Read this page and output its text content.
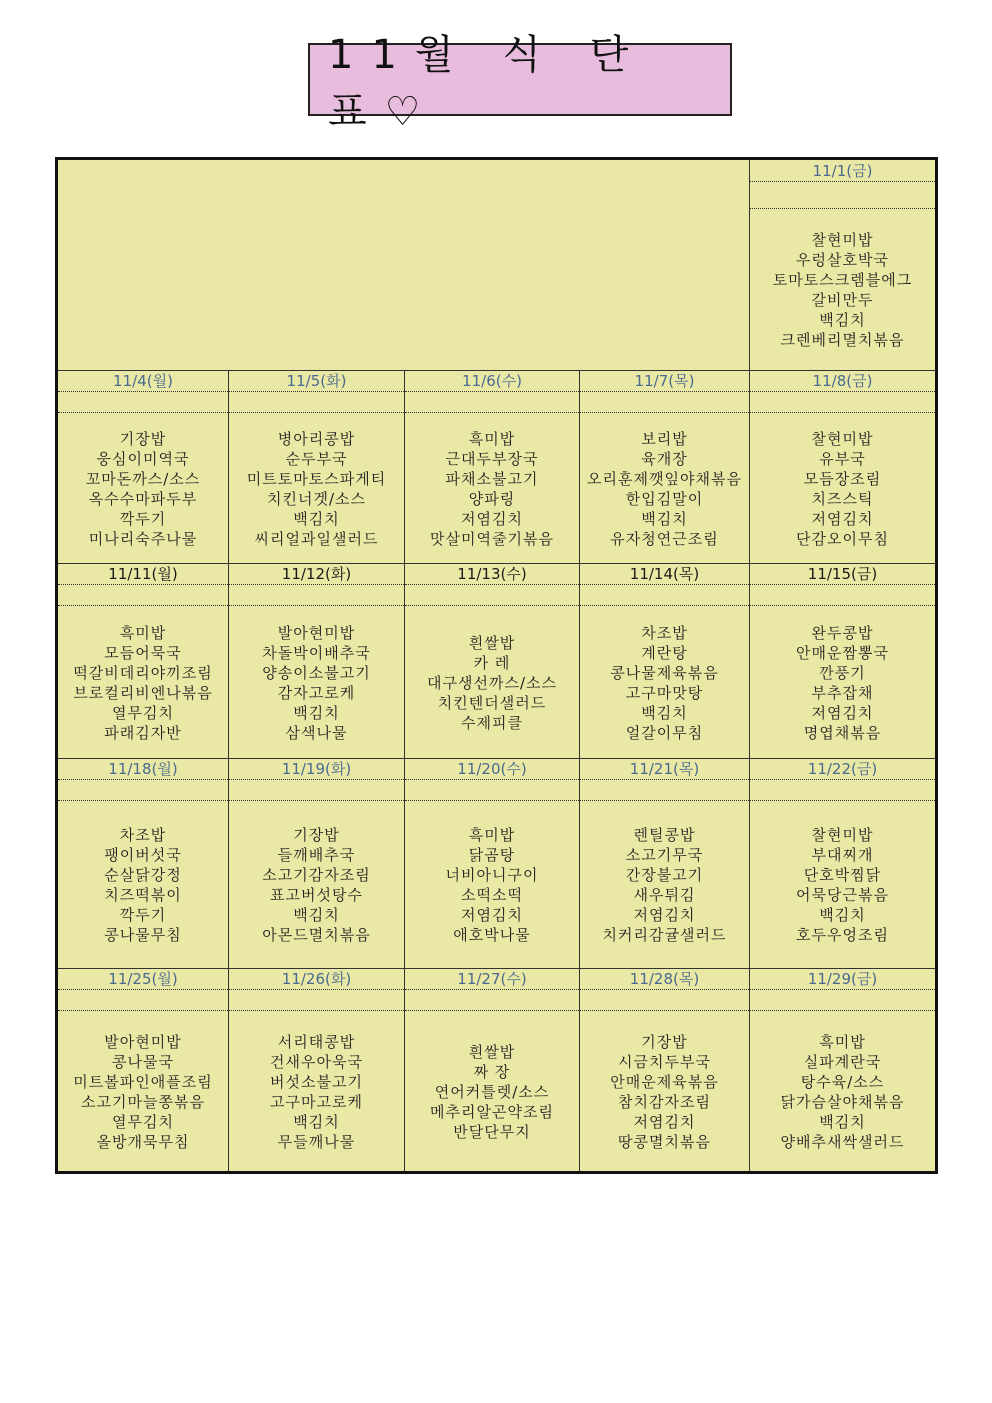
11월 식 단 표♡
11/1(금)
찰현미밥
우렁살호박국
토마토스크렘블에그
갈비만두
백김치
크렌베리멸치볶음
11/4(월)
기장밥
웅심이미역국
꼬마돈까스/소스
옥수수마파두부
깍두기
미나리숙주나물
11/5(화)
병아리콩밥
순두부국
미트토마토스파게티
치킨너겟/소스
백김치
씨리얼과일샐러드
11/6(수)
흑미밥
근대두부장국
파채소불고기
양파링
저염김치
맛살미역줄기볶음
11/7(목)
보리밥
육개장
오리훈제깻잎야채볶음
한입김말이
백김치
유자청연근조림
11/8(금)
찰현미밥
유부국
모듬장조림
치즈스틱
저염김치
단감오이무침
11/11(월)
흑미밥
모듬어묵국
떡갈비데리야끼조림
브로컬리비엔나볶음
열무김치
파래김자반
11/12(화)
발아현미밥
차돌박이배추국
양송이소불고기
감자고로케
백김치
삼색나물
11/13(수)
흰쌀밥
카 레
대구생선까스/소스
치킨텐더샐러드
수제피클
11/14(목)
차조밥
계란탕
콩나물제육볶음
고구마맛탕
백김치
얼갈이무침
11/15(금)
완두콩밥
안매운짬뽕국
깐풍기
부추잡채
저염김치
명엽채볶음
11/18(월)
차조밥
팽이버섯국
순살닭강정
치즈떡볶이
깍두기
콩나물무침
11/19(화)
기장밥
들깨배추국
소고기감자조림
표고버섯탕수
백김치
아몬드멸치볶음
11/20(수)
흑미밥
닭곰탕
너비아니구이
소떡소떡
저염김치
애호박나물
11/21(목)
렌틸콩밥
소고기무국
간장불고기
새우튀김
저염김치
치커리감귤샐러드
11/22(금)
찰현미밥
부대찌개
단호박찜닭
어묵당근볶음
백김치
호두우엉조림
11/25(월)
발아현미밥
콩나물국
미트볼파인애플조림
소고기마늘쫑볶음
열무김치
올방개묵무침
11/26(화)
서리태콩밥
건새우아욱국
버섯소불고기
고구마고로케
백김치
무들깨나물
11/27(수)
흰쌀밥
짜 장
연어커틀렛/소스
메추리알곤약조림
반달단무지
11/28(목)
기장밥
시금치두부국
안매운제육볶음
참치감자조림
저염김치
땅콩멸치볶음
11/29(금)
흑미밥
실파계란국
탕수육/소스
닭가슴살야채볶음
백김치
양배추새싹샐러드
